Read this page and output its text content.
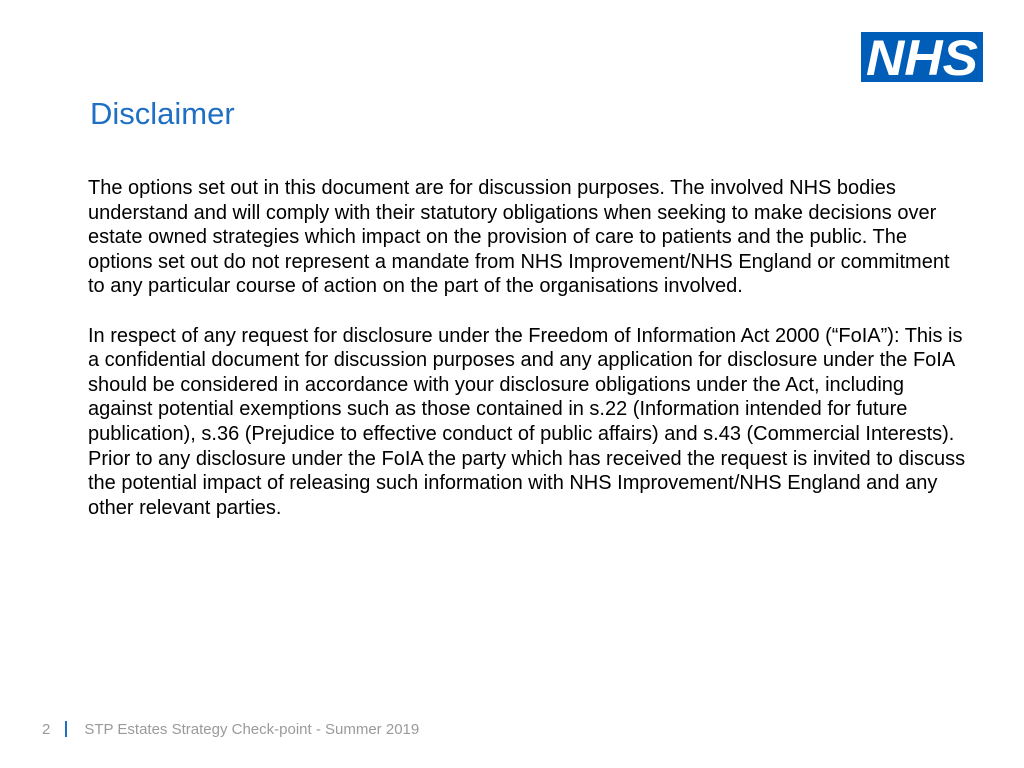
NHS
Disclaimer

The options set out in this document are for discussion purposes. The involved NHS bodies understand and will comply with their statutory obligations when seeking to make decisions over estate owned strategies which impact on the provision of care to patients and the public. The options set out do not represent a mandate from NHS Improvement/NHS England or commitment to any particular course of action on the part of the organisations involved.

In respect of any request for disclosure under the Freedom of Information Act 2000 (“FoIA”): This is a confidential document for discussion purposes and any application for disclosure under the FoIA should be considered in accordance with your disclosure obligations under the Act, including against potential exemptions such as those contained in s.22 (Information intended for future publication), s.36 (Prejudice to effective conduct of public affairs) and s.43 (Commercial Interests). Prior to any disclosure under the FoIA the party which has received the request is invited to discuss the potential impact of releasing such information with NHS Improvement/NHS England and any other relevant parties.

2 STP Estates Strategy Check-point - Summer 2019
